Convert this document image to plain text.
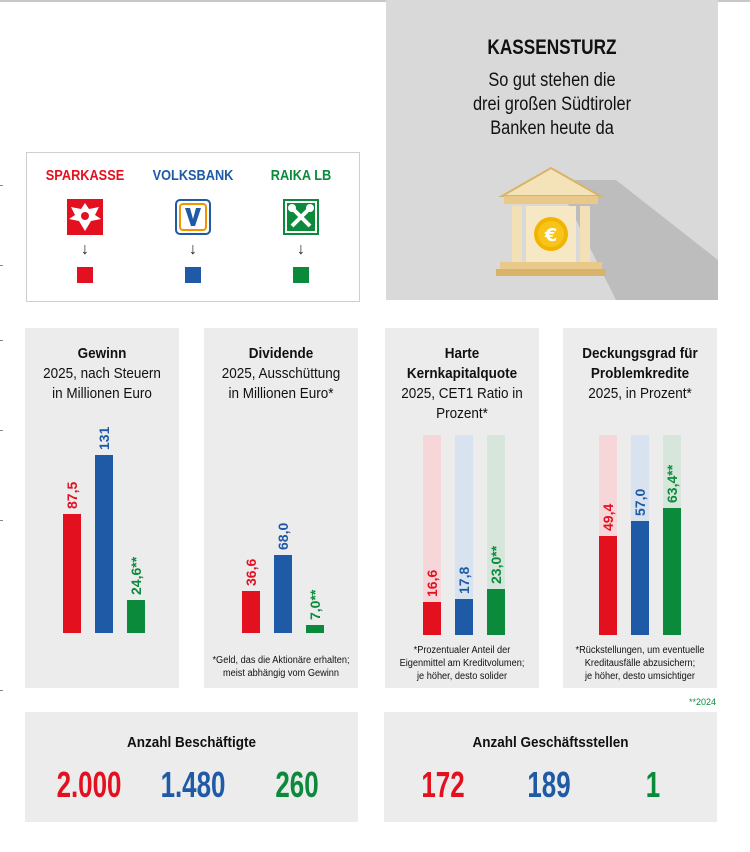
KASSENSTURZ
So gut stehen die
drei großen Südtiroler
Banken heute da
€
SPARKASSE VOLKSBANK	RAIKA LB
↓	↓	↓
Gewinn
2025, nach Steuern
in Millionen Euro
87,5
131
24,6**
Dividende
2025, Ausschüttung
in Millionen Euro*
36,6
68,0
7,0**
*Geld, das die Aktionäre erhalten;
meist abhängig vom Gewinn
Harte
Kernkapitalquote
2025, CET1 Ratio in
Prozent*
16,6 17,8 23,0**
*Prozentualer Anteil der
Eigenmittel am Kreditvolumen;
je höher, desto solider
Deckungsgrad für
Problemkredite
2025, in Prozent*
49,4
57,0 63,4**
*Rückstellungen, um eventuelle
Kreditausfälle abzusichern;
je höher, desto umsichtiger
**2024
Anzahl Beschäftigte
2.000 1.480	260
Anzahl Geschäftsstellen
172 189	1
